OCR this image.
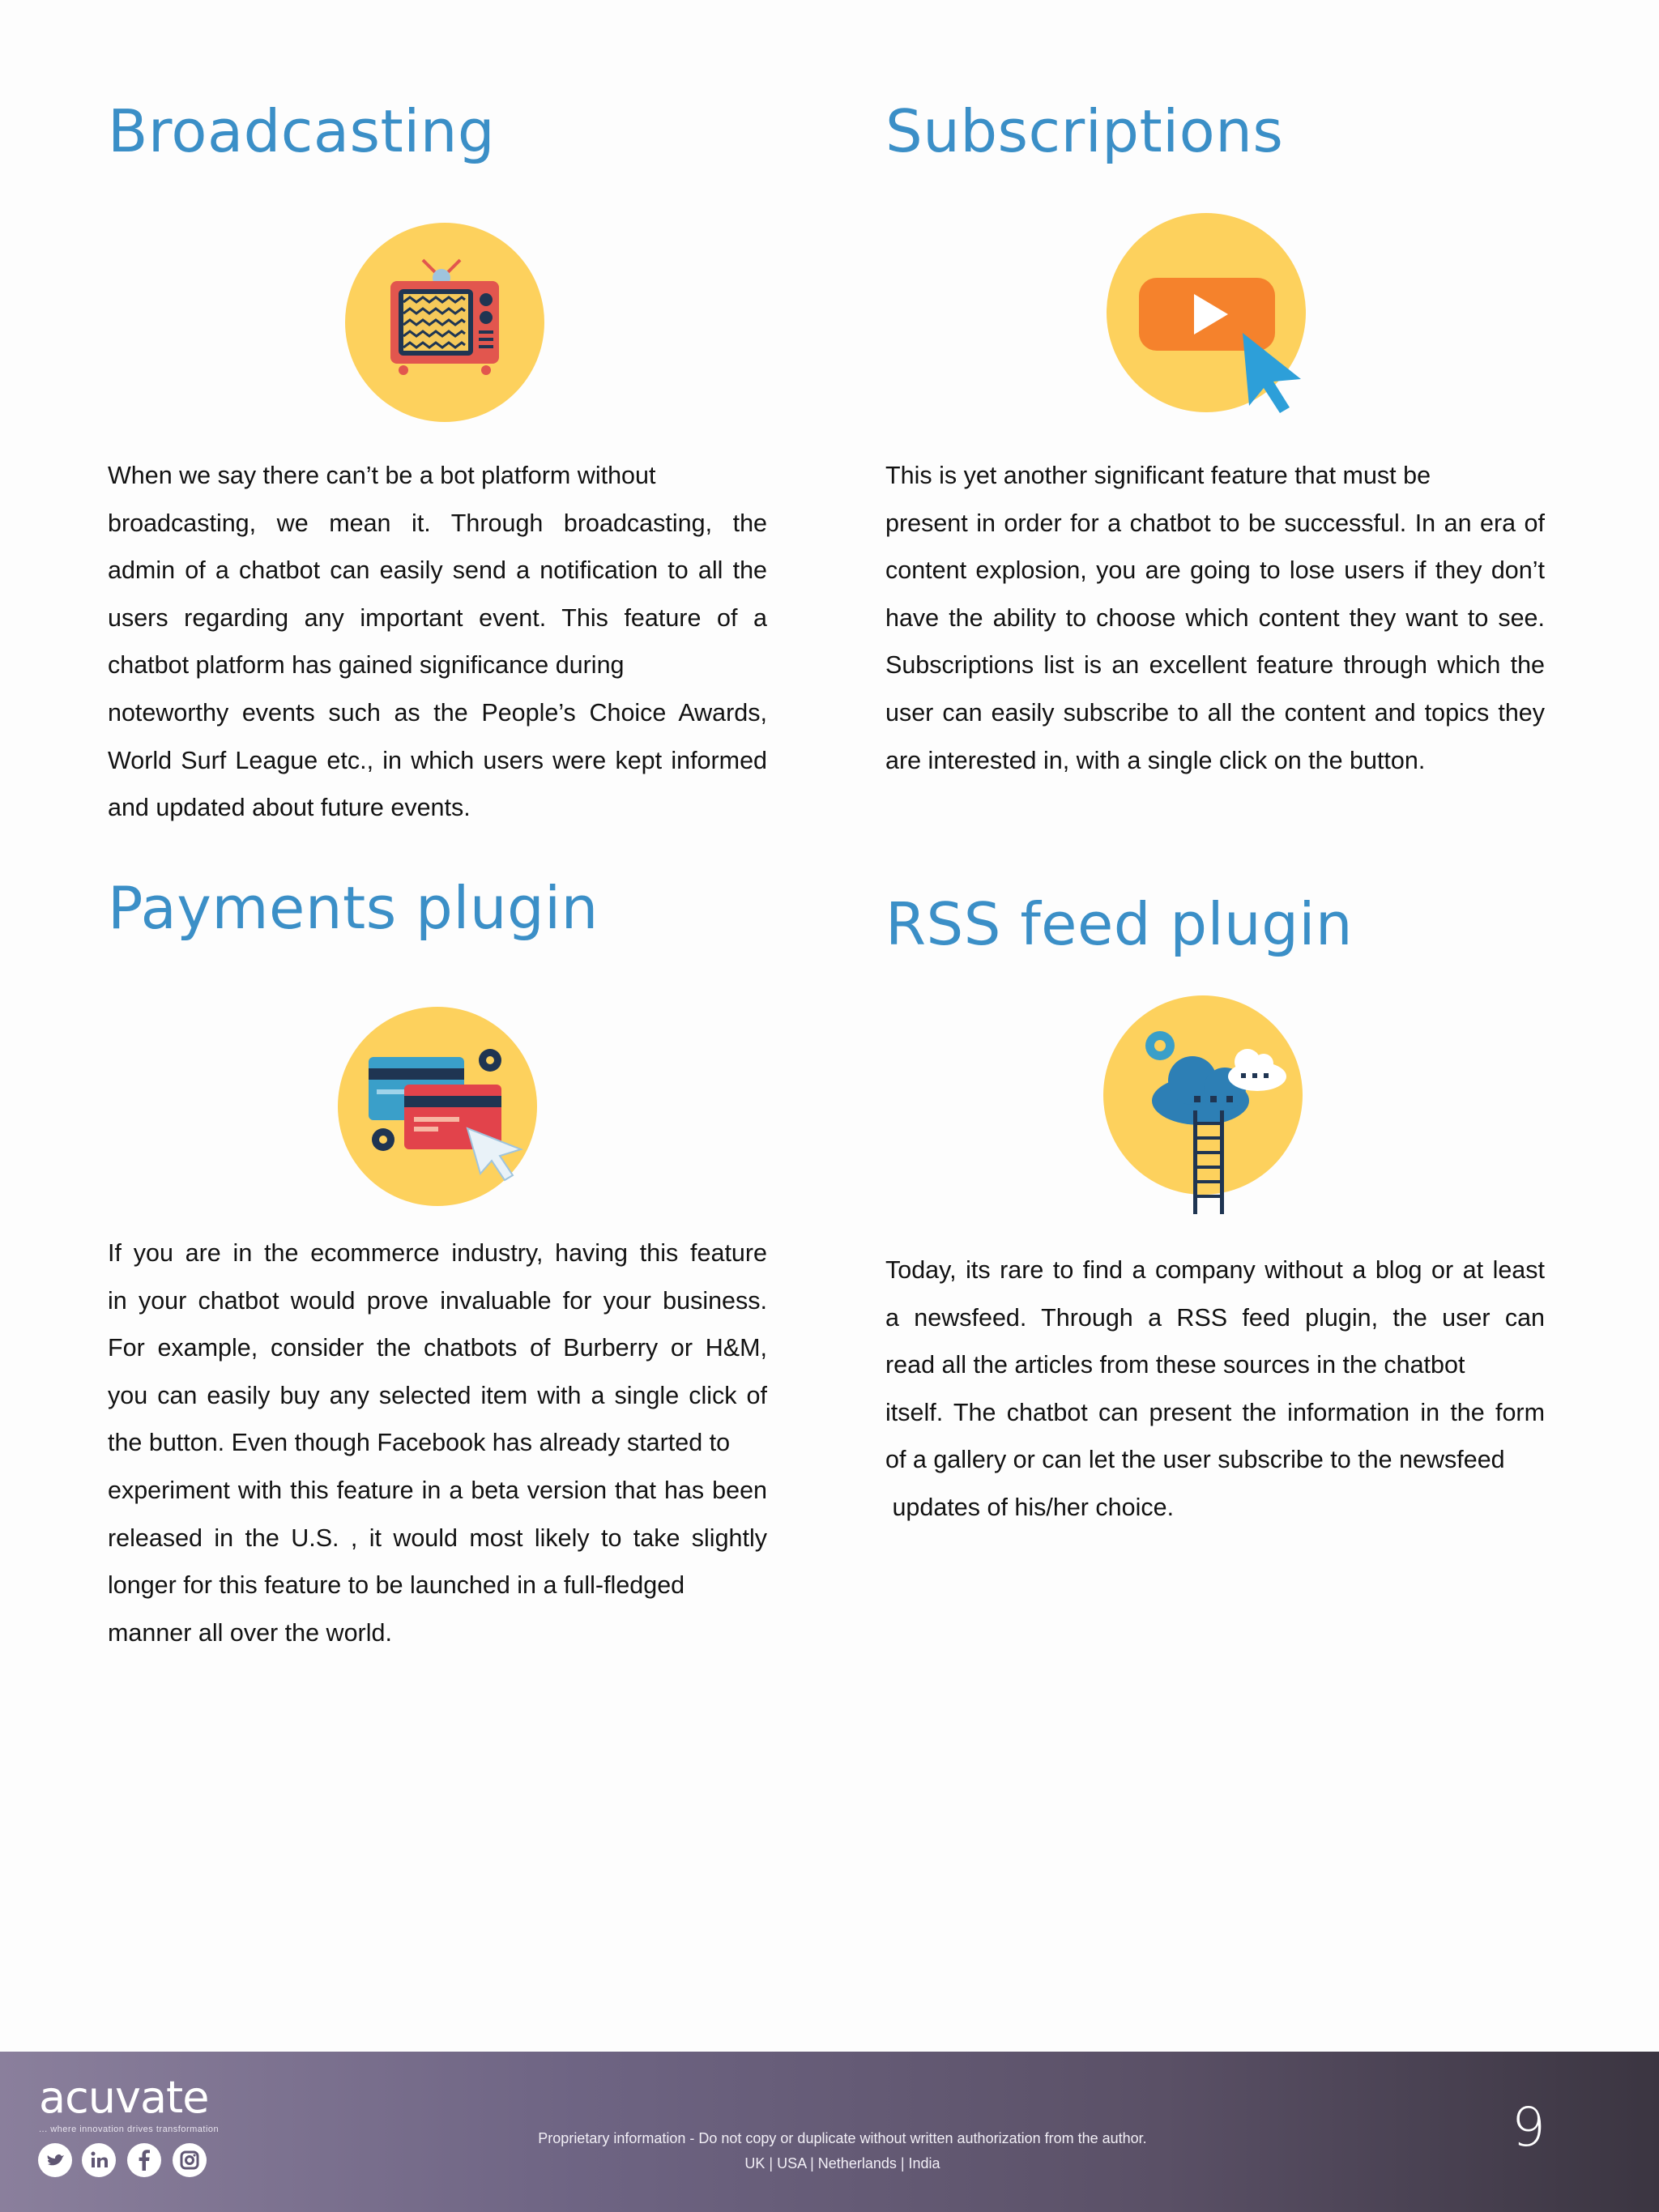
Broadcasting
When we say there can’t be a bot platform without
broadcasting, we mean it. Through broadcasting, the
admin of a chatbot can easily send a notification to all the
users regarding any important event. This feature of a
chatbot platform has gained significance during
noteworthy events such as the People’s Choice Awards,
World Surf League etc., in which users were kept informed
and updated about future events.
Subscriptions
This is yet another significant feature that must be
present in order for a chatbot to be successful. In an era of
content explosion, you are going to lose users if they don’t
have the ability to choose which content they want to see.
Subscriptions list is an excellent feature through which the
user can easily subscribe to all the content and topics they
are interested in, with a single click on the button.
Payments plugin
If you are in the ecommerce industry, having this feature
in your chatbot would prove invaluable for your business.
For example, consider the chatbots of Burberry or H&M,
you can easily buy any selected item with a single click of
the button. Even though Facebook has already started to
experiment with this feature in a beta version that has been
released in the U.S. , it would most likely to take slightly
longer for this feature to be launched in a full-fledged
manner all over the world.
RSS feed plugin
Today, its rare to find a company without a blog or at least
a newsfeed. Through a RSS feed plugin, the user can
read all the articles from these sources in the chatbot
itself. The chatbot can present the information in the form
of a gallery or can let the user subscribe to the newsfeed
updates of his/her choice.
acuvate
... where innovation drives transformation
Proprietary information - Do not copy or duplicate without written authorization from the author.
UK | USA | Netherlands | India
9
